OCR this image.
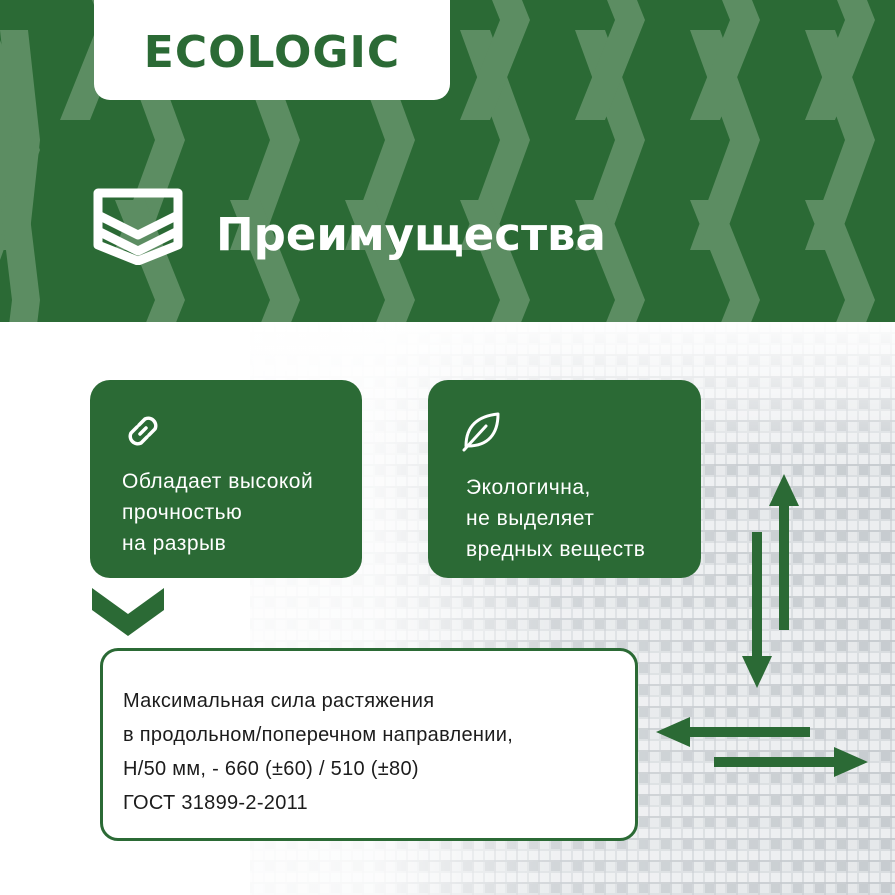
ECOLOGIC
Преимущества
Обладает высокой
прочностью
на разрыв
Экологична,
не выделяет
вредных веществ
Максимальная сила растяжения
в продольном/поперечном направлении,
Н/50 мм, - 660 (±60) / 510 (±80)
ГОСТ 31899-2-2011
